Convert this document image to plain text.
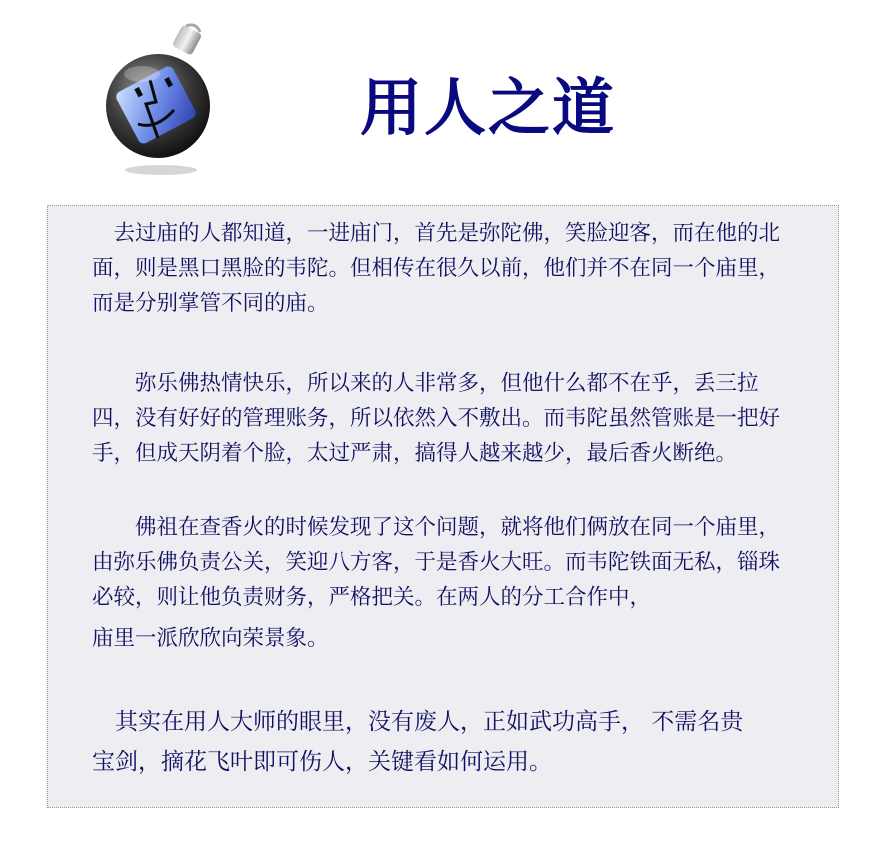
用人之道

　去过庙的人都知道，一进庙门，首先是弥陀佛，笑脸迎客，而在他的北
面，则是黑口黑脸的韦陀。但相传在很久以前，他们并不在同一个庙里，
而是分别掌管不同的庙。

　　弥乐佛热情快乐，所以来的人非常多，但他什么都不在乎，丢三拉
四，没有好好的管理账务，所以依然入不敷出。而韦陀虽然管账是一把好
手，但成天阴着个脸，太过严肃，搞得人越来越少，最后香火断绝。

　　佛祖在查香火的时候发现了这个问题，就将他们俩放在同一个庙里，
由弥乐佛负责公关，笑迎八方客，于是香火大旺。而韦陀铁面无私，锱珠
必较，则让他负责财务，严格把关。在两人的分工合作中，
庙里一派欣欣向荣景象。

　其实在用人大师的眼里，没有废人，正如武功高手， 不需名贵
宝剑，摘花飞叶即可伤人，关键看如何运用。
